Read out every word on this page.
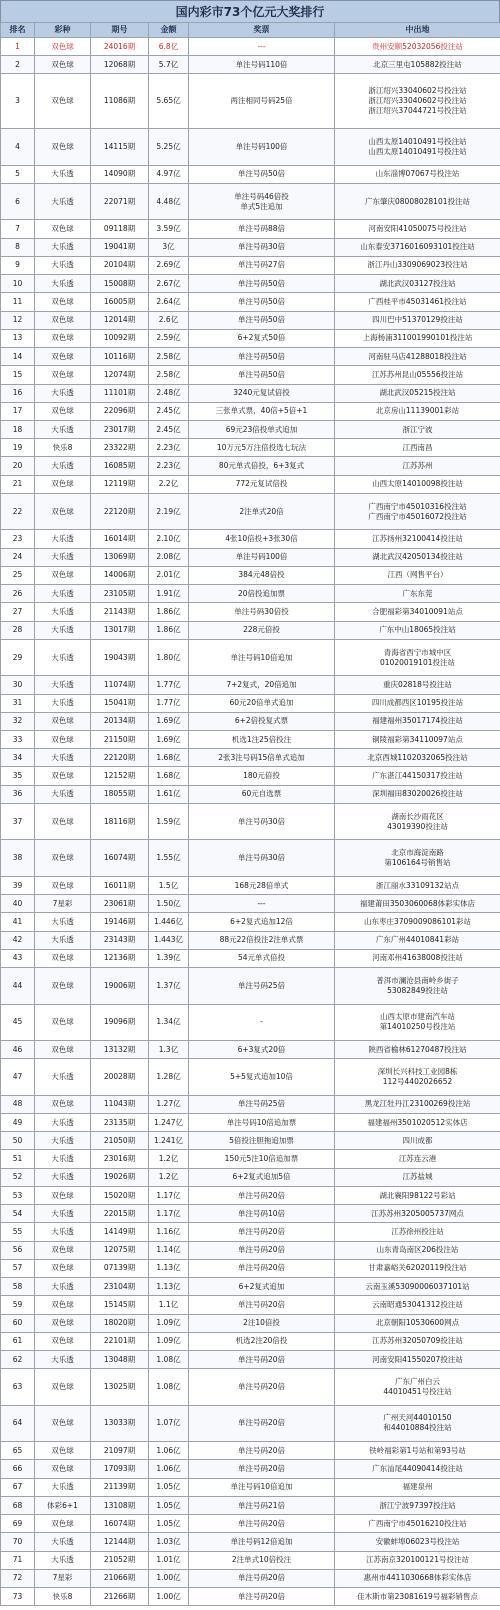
国内彩市73个亿元大奖排行
排名	彩种	期号	金额	奖票	中出地
1	双色球	24016期	6.8亿	---	贵州安顺52032056投注站

2	双色球	12068期	5.7亿	单注号码110倍	北京三里屯105882投注站

3	双色球	11086期	5.65亿	两注相同号码25倍	浙江绍兴33040602号投注站
浙江绍兴33040602号投注站
浙江绍兴37044721号投注站

4	双色球	14115期	5.25亿	单注号码100倍	山西太原14010491号投注站
山西太原14010491号投注站

5	大乐透	14090期	4.97亿	单注号码50倍	山东淄博07067号投注站

6	大乐透	22071期	4.48亿	单注号码46倍投
单式5注追加	广东肇庆08008028101投注站

7	双色球	09118期	3.59亿	单注号码88倍	河南安阳41050075号投注站

8	大乐透	19041期	3亿	单注号码30倍	山东泰安37160160931​01投注站

9	大乐透	20104期	2.69亿	单注号码27倍	浙江丹山33090690​23投注站

10	大乐透	15008期	2.67亿	单注号码50倍	湖北武汉03127投注站

11	双色球	16005期	2.64亿	单注号码50倍	广西桂平市45031461投注站

12	双色球	12014期	2.6亿	单注号码50倍	四川巴中51370129投注站

13	双色球	10092期	2.59亿	6+2复式50倍	上海杨浦31100199​0101投注站

14	双色球	10116期	2.58亿	单注号码50倍	河南驻马店41288018投注站

15	双色球	12074期	2.58亿	单注号码50倍	江苏苏州昆山05556投注站

16	大乐透	11101期	2.48亿	3240元复试倍投	湖北武汉05215投注站

17	双色球	22096期	2.45亿	三张单式票，40倍+5倍+1	北京房山1113900​1彩站

18	大乐透	23017期	2.45亿	69元23倍投单式追加	浙江宁波

19	快乐8	23322期	2.23亿	10万元5万注倍投选七玩法	江西南昌

20	大乐透	16085期	2.23亿	80元单式倍投，6+3复式	江苏苏州

21	双色球	12119期	2.2亿	772元复试倍投	山西太原14010098投注站

22	双色球	22120期	2.19亿	2注单式20倍	广西南宁市45010316投注站
广西南宁市45016072投注站

23	大乐透	16014期	2.10亿	4张10倍投+3张30倍	江苏扬州32100414投注站

24	大乐透	13069期	2.08亿	单注号码100倍	湖北武汉42050134投注站

25	双色球	14006期	2.01亿	384元48倍投	江西（网售平台）

26	大乐透	23105期	1.91亿	20倍投追加票	广东东莞

27	大乐透	21143期	1.86亿	单注号码30倍投	合肥福彩第34010091站点

28	大乐透	13017期	1.86亿	228元倍投	广东中山18065投注站

29	大乐透	19043期	1.80亿	单注号码10倍追加	青海省西宁市城中区
01020019101投注站

30	大乐透	11074期	1.77亿	7+2复式，20倍追加	重庆02818号投注站

31	大乐透	15041期	1.77亿	60元20倍单式追加	四川成都西区10195投注站

32	双色球	20134期	1.69亿	6+2倍投复式票	福建福州35017174投注站

33	双色球	21150期	1.69亿	机选1注25倍投注	铜陵福彩第34110097站点

34	大乐透	22120期	1.68亿	2张3注号码15倍单式追加	北京西城1102032065投注站

35	双色球	12152期	1.68亿	180元倍投	广东湛江44150317投注站

36	大乐透	18055期	1.61亿	60元自选票	深圳福田83020026投注站

37	双色球	18116期	1.59亿	单注号码30倍	湖南长沙雨花区
43019390投注站

38	双色球	16074期	1.55亿	单注号码30倍	北京市海淀南路
第106164号销售站

39	双色球	16011期	1.5亿	168元28倍单式	浙江丽水33109132站点

40	7星彩	23061期	1.50亿	---	福建莆田3503060068体彩实体店

41	大乐透	19146期	1.446亿	6+2复式追加12倍	山东枣庄37090090861​01彩站

42	大乐透	23143期	1.443亿	88元22倍投注2注单式票	广东广州44010841彩站

43	双色球	12136期	1.39亿	54元单式倍投	河南邓州41638008投注站

44	双色球	19006期	1.37亿	单注号码25倍	普洱市澜沧县南岭乡街子
53082849投注站

45	双色球	19096期	1.34亿	-	山西太原市建南汽车站
第14010250号投注站

46	双色球	13132期	1.3亿	6+3复式20倍	陕西省榆林61270487投注站

47	大乐透	20028期	1.28亿	5+5复式追加10倍	深圳长兴科技工业园8栋
112号4402026652

48	双色球	11043期	1.27亿	单注号码25倍	黑龙江牡丹江23100269投注站

49	大乐透	23135期	1.247亿	单注号码10倍追加票	福建福州3501020512实体店

50	大乐透	21050期	1.241亿	5倍投注胆拖追加票	四川成都

51	大乐透	23016期	1.2亿	150元5注10倍追加票	江苏连云港

52	大乐透	19026期	1.2亿	6+2复式追加5倍	江苏盐城

53	双色球	15020期	1.17亿	单注号码20倍	湖北襄阳98122号彩站

54	大乐透	22015期	1.17亿	单注号码10倍	江苏苏州3205005737网点

55	大乐透	14149期	1.16亿	单注号码20倍	江苏徐州投注站

56	双色球	12075期	1.14亿	单注号码20倍	山东青岛南区206投注站

57	双色球	07139期	1.13亿	单注号码20倍	甘肃嘉峪关62020119投注站

58	大乐透	23104期	1.13亿	6+2复式追加	云南玉溪5309000​6037101站

59	双色球	15145期	1.1亿	单注号码20倍	云南昭通53041312投注站

60	双色球	18020期	1.09亿	2注10倍投	北京朝阳10530600网点

61	双色球	22101期	1.09亿	机选2注20倍投	江苏苏州32050709投注站

62	大乐透	13048期	1.08亿	单注号码20倍	河南安阳41550207投注站

63	双色球	13025期	1.08亿	单注号码20倍	广东广州白云
44010451号投注站

64	双色球	13033期	1.07亿	单注号码20倍	广州天河44010150
和44010884投注站

65	双色球	21097期	1.06亿	单注号码20倍	铁岭福彩第1号站和第93号站

66	双色球	17093期	1.06亿	单注号码20倍	广东汕尾44090414投注站

67	大乐透	21139期	1.05亿	单注号码10倍追加	福建泉州

68	体彩6+1	13108期	1.05亿	单注号码21倍	浙江宁波97397投注站

69	双色球	16074期	1.05亿	单注号码20倍	广西南宁市45016210投注站

70	大乐透	12144期	1.03亿	单注号码12倍追加	安徽蚌埠06023号投注站

71	大乐透	21052期	1.01亿	2注单式10倍投注	江苏南京32010012​1号投注站

72	7星彩	21066期	1.00亿	单注号码20倍	惠州市4411030668体彩实体店

73	快乐8	21266期	1.00亿	单注号码20倍	佳木斯市第23081619号福彩销售点
